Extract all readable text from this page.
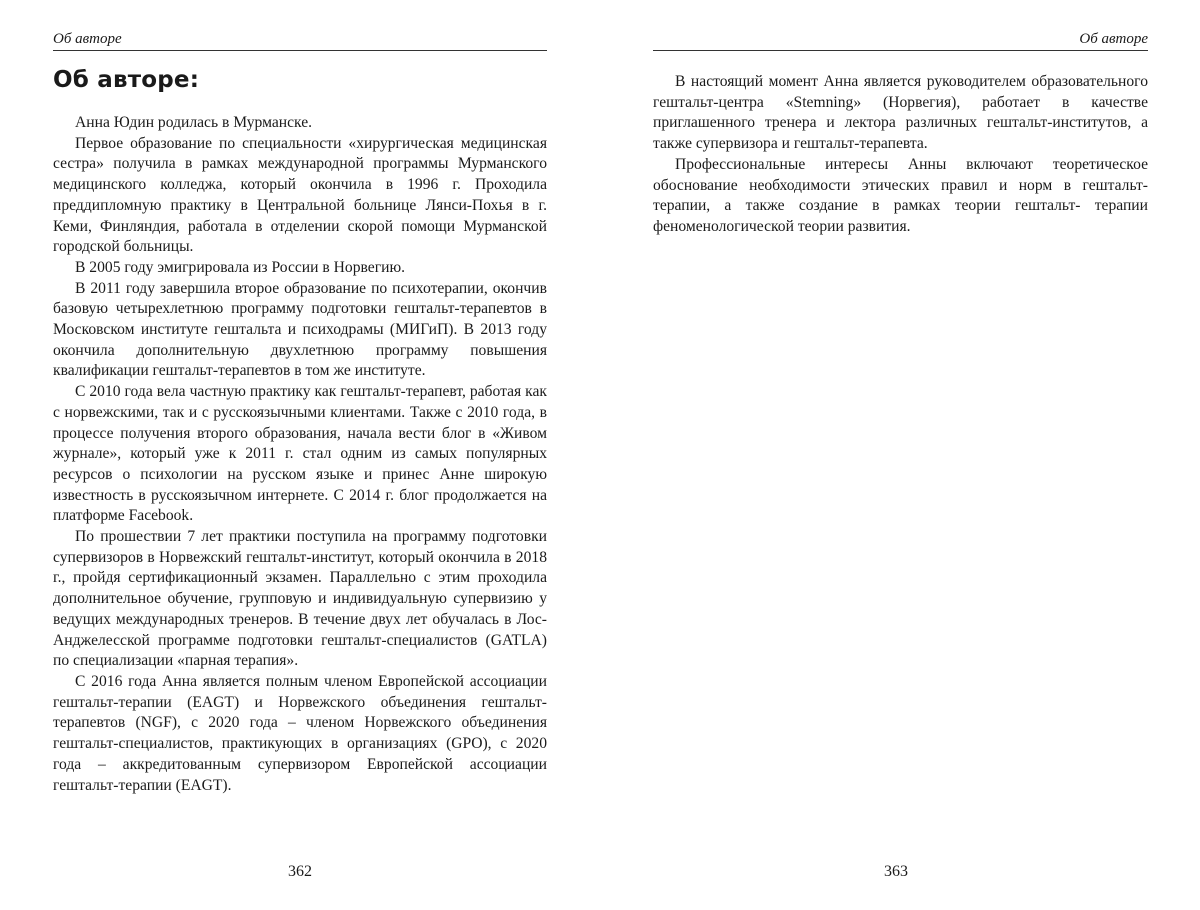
Об авторе
Об авторе:

Анна Юдин родилась в Мурманске.

Первое образование по специальности «хирургическая медицинская сестра» получила в рамках международной программы Мурманского медицинского колледжа, который окончила в 1996 г. Проходила преддипломную практику в Центральной больнице Лянси-Похья в г. Кеми, Финляндия, работала в отделении скорой помощи Мурманской городской больницы.

В 2005 году эмигрировала из России в Норвегию.

В 2011 году завершила второе образование по психотерапии, окончив базовую четырехлетнюю программу подготовки гештальт-терапевтов в Московском институте гештальта и психодрамы (МИГиП). В 2013 году окончила дополнительную двухлетнюю программу повышения квалификации гештальт-терапевтов в том же институте.

С 2010 года вела частную практику как гештальт-терапевт, работая как с норвежскими, так и с русскоязычными клиентами. Также с 2010 года, в процессе получения второго образования, начала вести блог в «Живом журнале», который уже к 2011 г. стал одним из самых популярных ресурсов о психологии на русском языке и принес Анне широкую известность в русскоязычном интернете. С 2014 г. блог продолжается на платформе Facebook.

По прошествии 7 лет практики поступила на программу подготовки супервизоров в Норвежский гештальт-институт, который окончила в 2018 г., пройдя сертификационный экзамен. Параллельно с этим проходила дополнительное обучение, групповую и индивидуальную супервизию у ведущих международных тренеров. В течение двух лет обучалась в Лос-Анджелесской программе подготовки гештальт-специалистов (GATLA) по специализации «парная терапия».

С 2016 года Анна является полным членом Европейской ассоциации гештальт-терапии (EAGT) и Норвежского объединения гештальт-терапевтов (NGF), с 2020 года – членом Норвежского объединения гештальт-специалистов, практикующих в организациях (GPO), с 2020 года – аккредитованным супервизором Европейской ассоциации гештальт-терапии (EAGT).

362
Об авторе

В настоящий момент Анна является руководителем образовательного гештальт-центра «Stemning» (Норвегия), работает в качестве приглашенного тренера и лектора различных гештальт-институтов, а также супервизора и гештальт-терапевта.

Профессиональные интересы Анны включают теоретическое обоснование необходимости этических правил и норм в гештальт-терапии, а также создание в рамках теории гештальт- терапии феноменологической теории развития.

363
